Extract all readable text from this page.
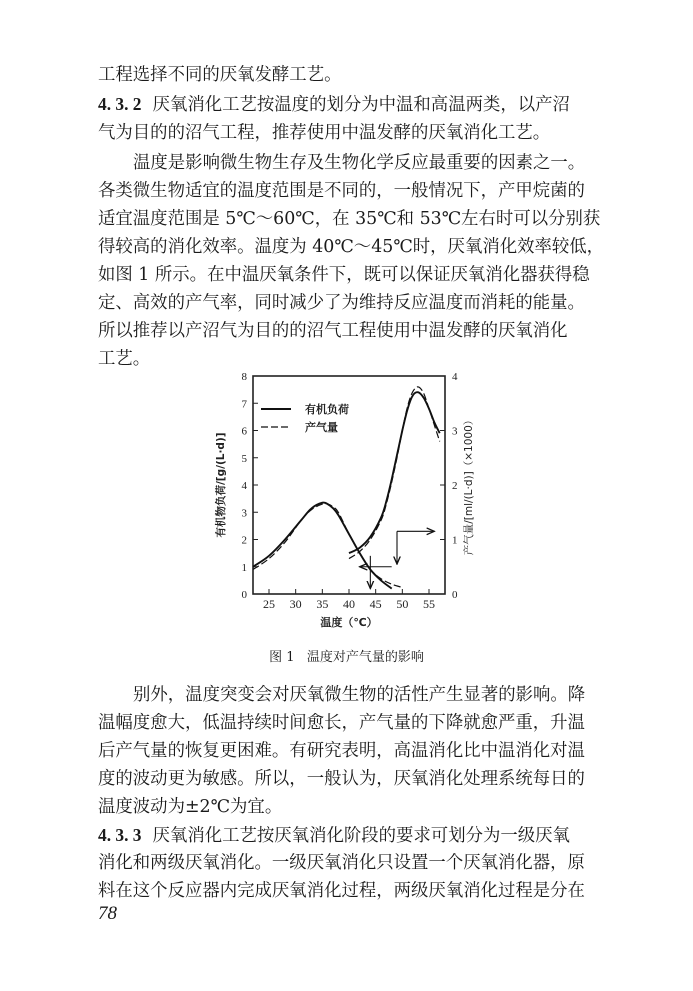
工程选择不同的厌氧发酵工艺。
4. 3. 2 厌氧消化工艺按温度的划分为中温和高温两类，以产沼
气为目的的沼气工程，推荐使用中温发酵的厌氧消化工艺。
温度是影响微生物生存及生物化学反应最重要的因素之一。
各类微生物适宜的温度范围是不同的，一般情况下，产甲烷菌的
适宜温度范围是 5℃～60℃，在 35℃和 53℃左右时可以分别获
得较高的消化效率。温度为 40℃～45℃时，厌氧消化效率较低，
如图 1 所示。在中温厌氧条件下，既可以保证厌氧消化器获得稳
定、高效的产气率，同时减少了为维持反应温度而消耗的能量。
所以推荐以产沼气为目的的沼气工程使用中温发酵的厌氧消化
工艺。
25 30 35 40 45 50 55
0
1
2
3
4
5
6
7
8
0
1
2
3
4
温度（℃）
有机物负荷/[g/(L·d)]	产气量/[ml/(L·d)]（×1000）
有机负荷
产气量
图 1 温度对产气量的影响
别外，温度突变会对厌氧微生物的活性产生显著的影响。降
温幅度愈大，低温持续时间愈长，产气量的下降就愈严重，升温
后产气量的恢复更困难。有研究表明，高温消化比中温消化对温
度的波动更为敏感。所以，一般认为，厌氧消化处理系统每日的
温度波动为±2℃为宜。
4. 3. 3 厌氧消化工艺按厌氧消化阶段的要求可划分为一级厌氧
消化和两级厌氧消化。一级厌氧消化只设置一个厌氧消化器，原
料在这个反应器内完成厌氧消化过程，两级厌氧消化过程是分在
78
